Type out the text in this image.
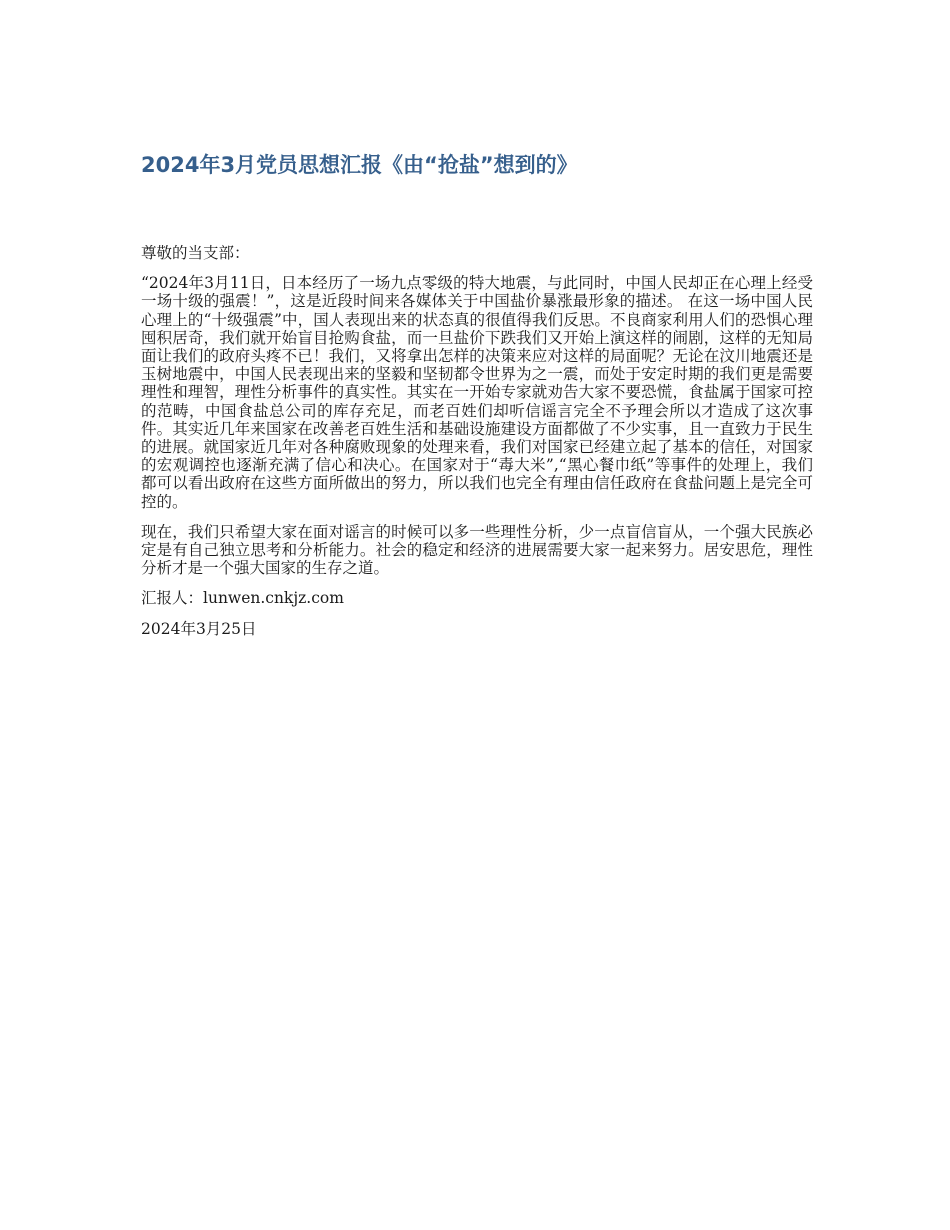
2024年3月党员思想汇报《由“抢盐”想到的》

尊敬的当支部：

“2024年3月11日，日本经历了一场九点零级的特大地震，与此同时，中国人民却正在心理上经受一场十级的强震！”，这是近段时间来各媒体关于中国盐价暴涨最形象的描述。 在这一场中国人民心理上的“十级强震”中，国人表现出来的状态真的很值得我们反思。不良商家利用人们的恐惧心理囤积居奇，我们就开始盲目抢购食盐，而一旦盐价下跌我们又开始上演这样的闹剧，这样的无知局面让我们的政府头疼不已！我们，又将拿出怎样的决策来应对这样的局面呢？无论在汶川地震还是玉树地震中，中国人民表现出来的坚毅和坚韧都令世界为之一震，而处于安定时期的我们更是需要理性和理智，理性分析事件的真实性。其实在一开始专家就劝告大家不要恐慌，食盐属于国家可控的范畴，中国食盐总公司的库存充足，而老百姓们却听信谣言完全不予理会所以才造成了这次事件。其实近几年来国家在改善老百姓生活和基础设施建设方面都做了不少实事，且一直致力于民生的进展。就国家近几年对各种腐败现象的处理来看，我们对国家已经建立起了基本的信任，对国家的宏观调控也逐渐充满了信心和决心。在国家对于“毒大米”,“黑心餐巾纸”等事件的处理上，我们都可以看出政府在这些方面所做出的努力，所以我们也完全有理由信任政府在食盐问题上是完全可控的。

现在，我们只希望大家在面对谣言的时候可以多一些理性分析，少一点盲信盲从，一个强大民族必定是有自己独立思考和分析能力。社会的稳定和经济的进展需要大家一起来努力。居安思危，理性分析才是一个强大国家的生存之道。

汇报人：lunwen.cnkjz.com

2024年3月25日
